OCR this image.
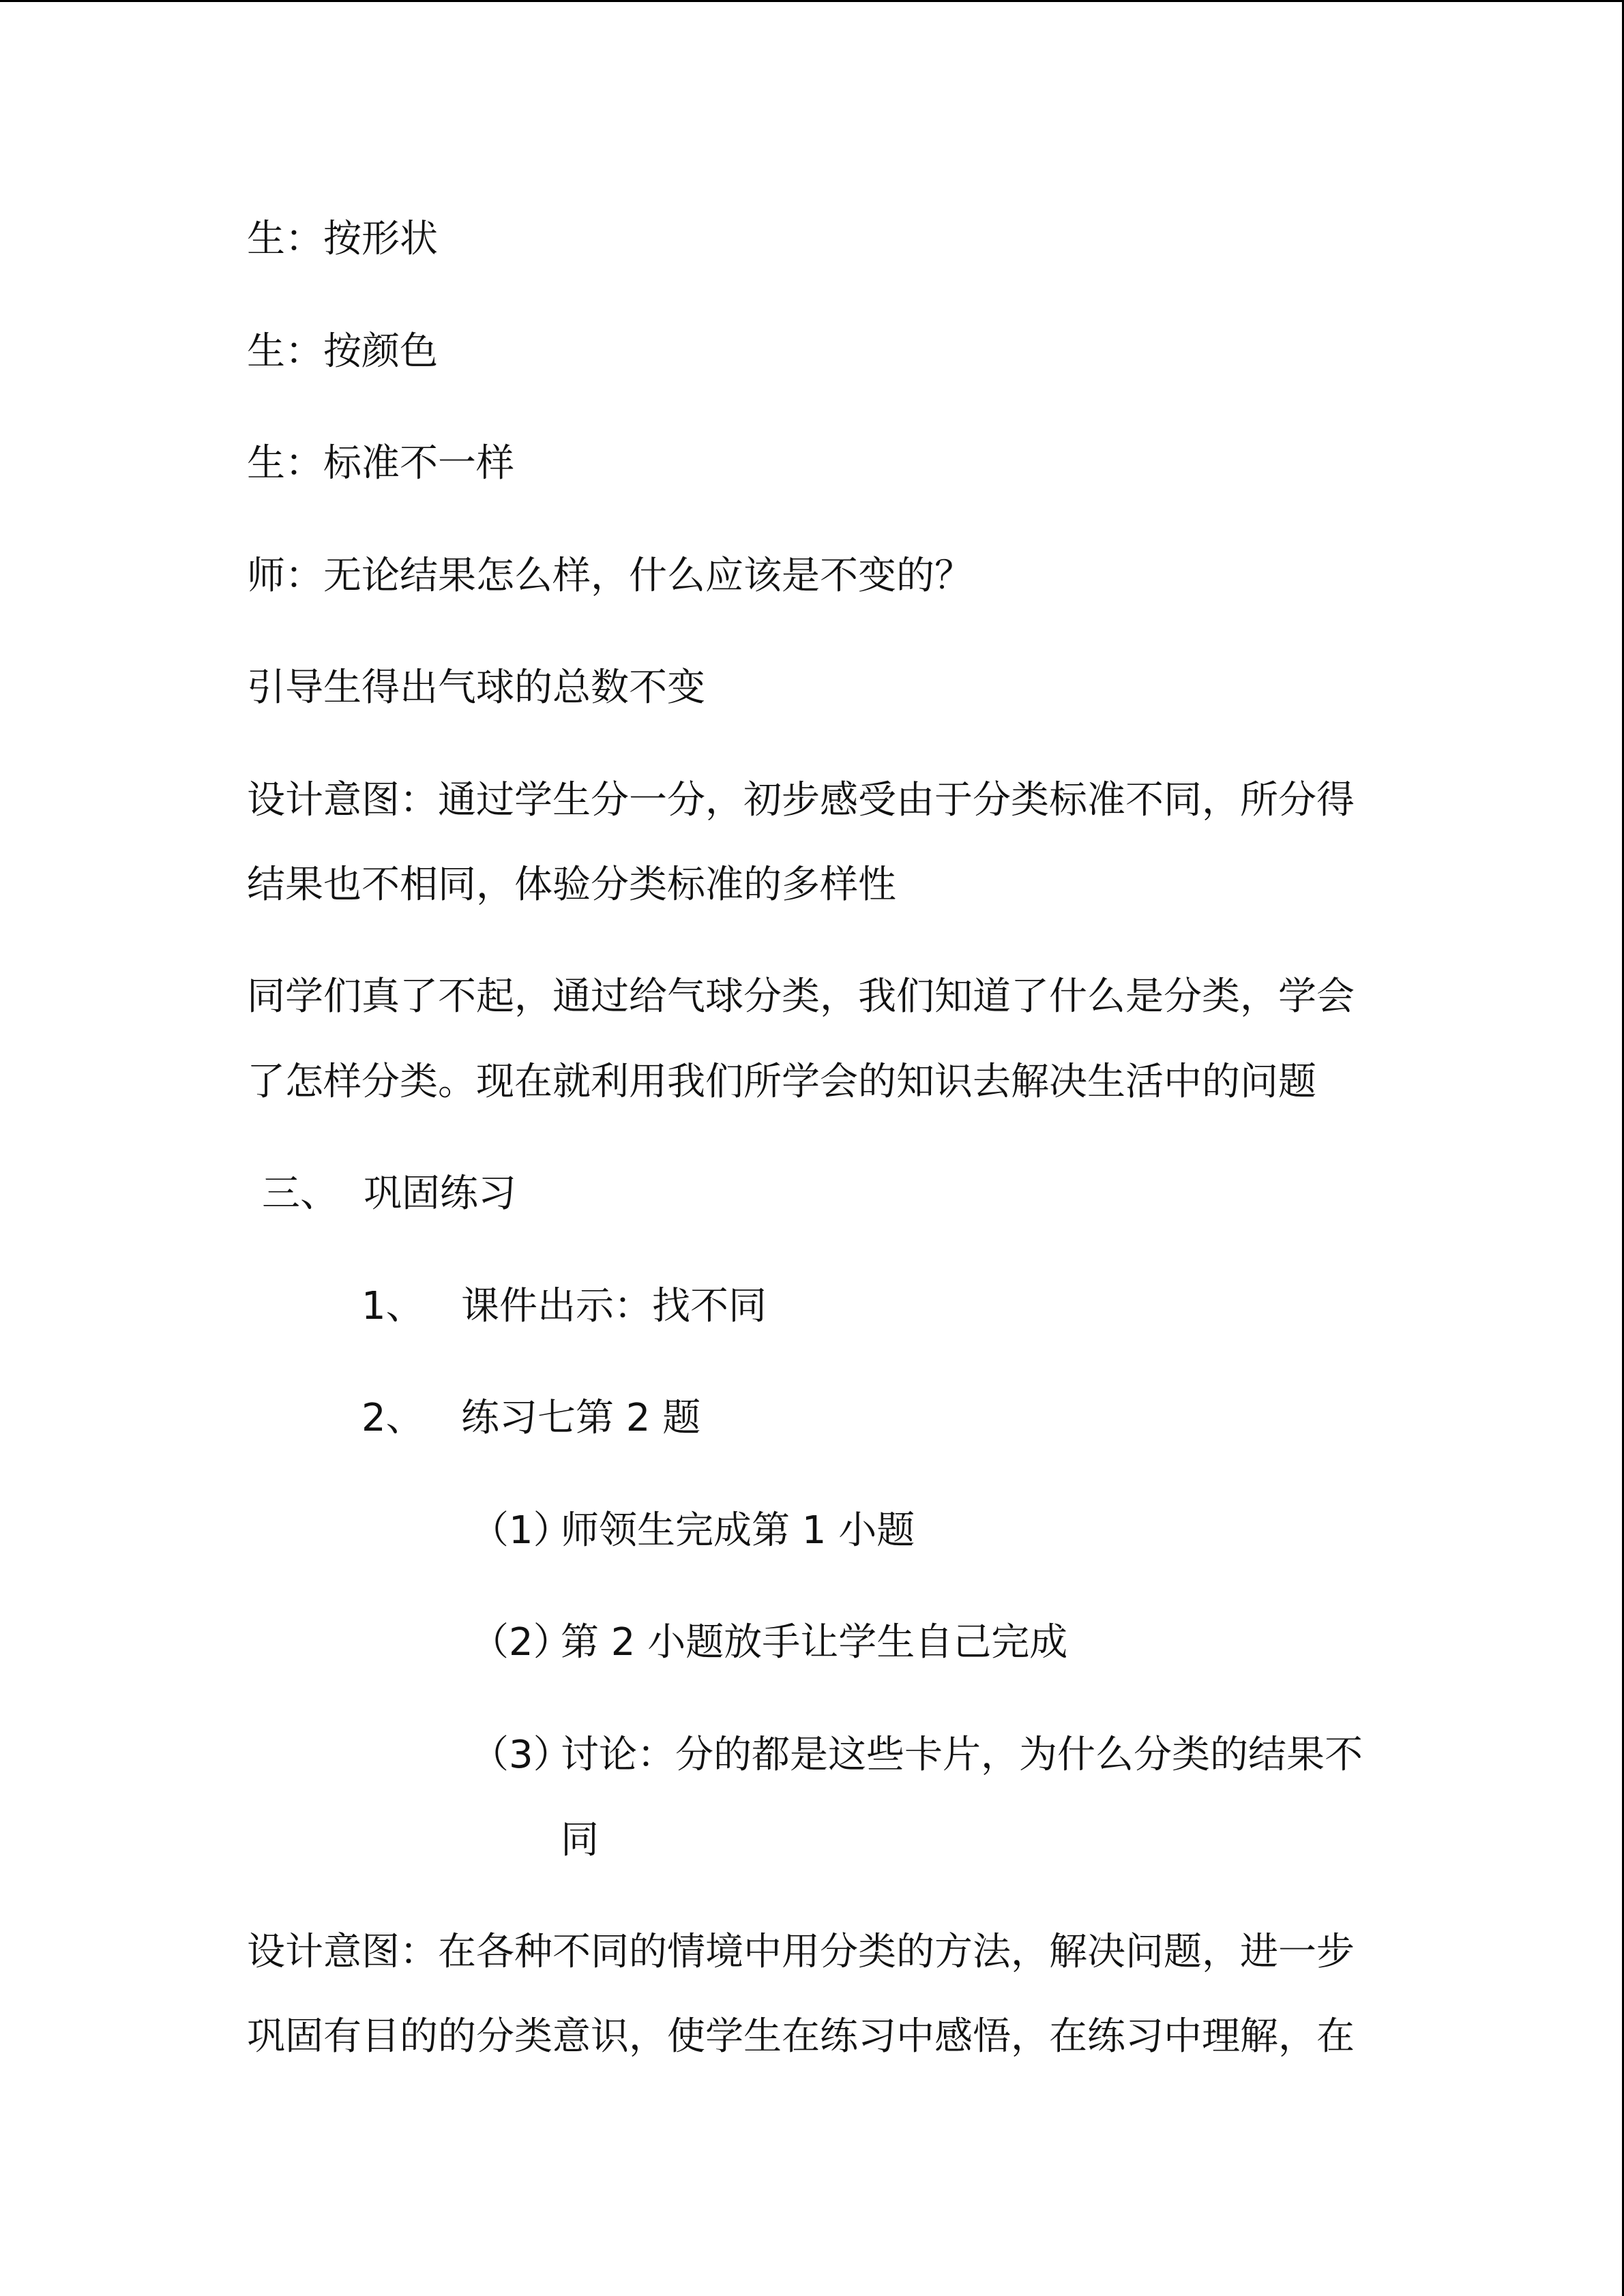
生：按形状

生：按颜色

生：标准不一样

师：无论结果怎么样，什么应该是不变的？

引导生得出气球的总数不变

设计意图：通过学生分一分，初步感受由于分类标准不同，所分得

结果也不相同，体验分类标准的多样性

同学们真了不起，通过给气球分类，我们知道了什么是分类，学会

了怎样分类。现在就利用我们所学会的知识去解决生活中的问题

三、 巩固练习

1、 课件出示：找不同

2、 练习七第 2 题

（1）

师领生完成第 1 小题

（2）

第 2 小题放手让学生自己完成

（3）

讨论：分的都是这些卡片，为什么分类的结果不

同

设计意图：在各种不同的情境中用分类的方法，解决问题，进一步

巩固有目的的分类意识，使学生在练习中感悟，在练习中理解，在
